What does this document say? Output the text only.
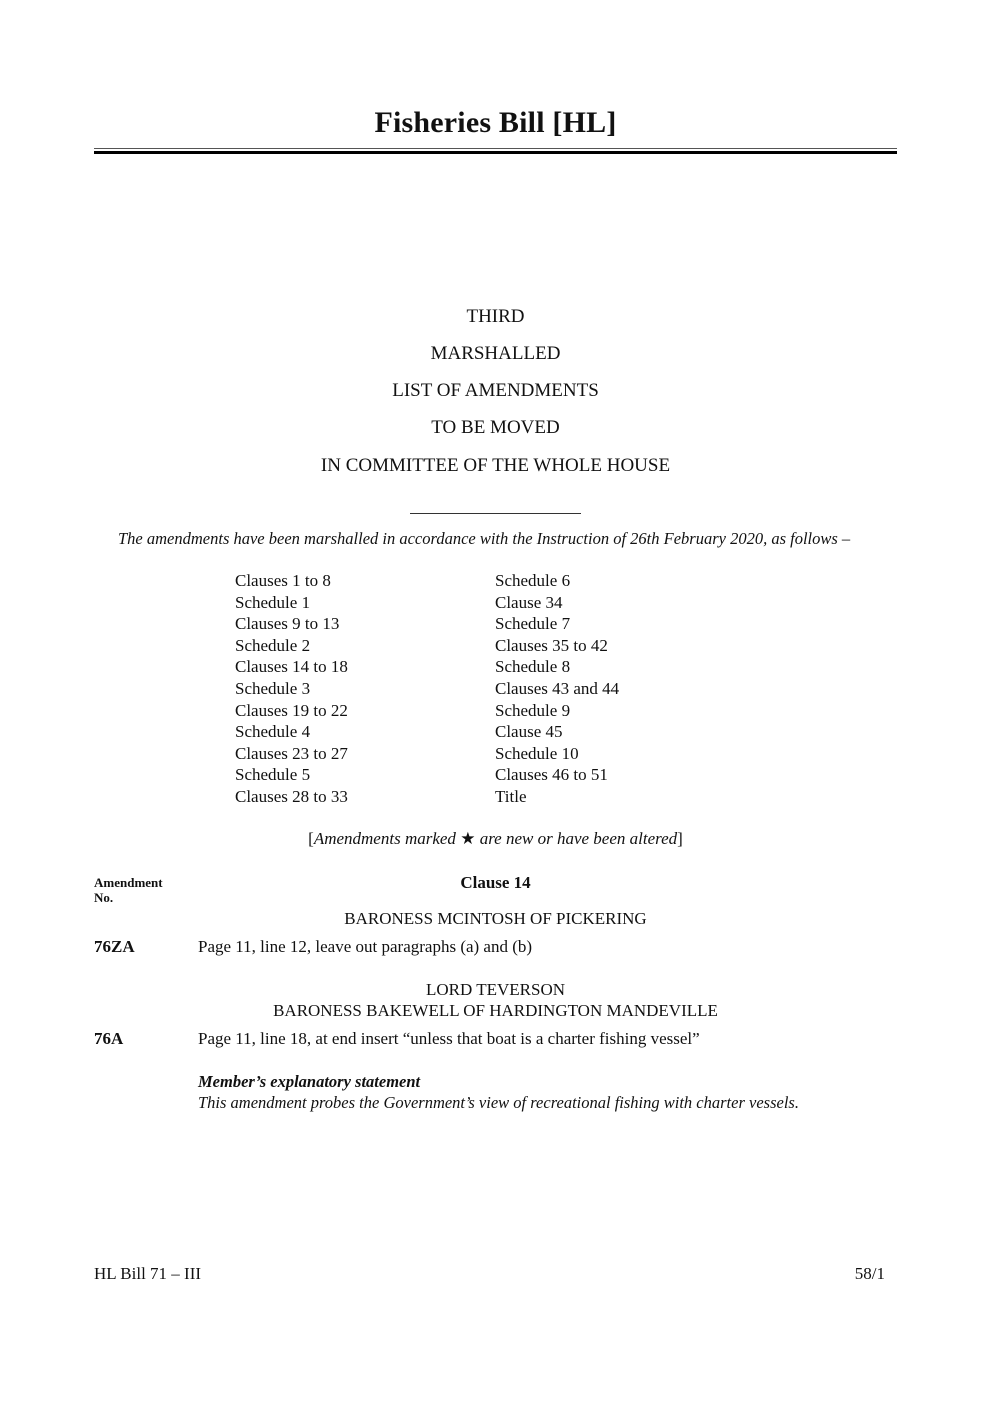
Fisheries Bill [HL]
THIRD
MARSHALLED
LIST OF AMENDMENTS
TO BE MOVED
IN COMMITTEE OF THE WHOLE HOUSE
The amendments have been marshalled in accordance with the Instruction of 26th February 2020, as follows –
Clauses 1 to 8
Schedule 1
Clauses 9 to 13
Schedule 2
Clauses 14 to 18
Schedule 3
Clauses 19 to 22
Schedule 4
Clauses 23 to 27
Schedule 5
Clauses 28 to 33
Schedule 6
Clause 34
Schedule 7
Clauses 35 to 42
Schedule 8
Clauses 43 and 44
Schedule 9
Clause 45
Schedule 10
Clauses 46 to 51
Title
[Amendments marked ★ are new or have been altered]
Amendment
No.
Clause 14
BARONESS MCINTOSH OF PICKERING
76ZA	Page 11, line 12, leave out paragraphs (a) and (b)
LORD TEVERSON
BARONESS BAKEWELL OF HARDINGTON MANDEVILLE
76A	Page 11, line 18, at end insert “unless that boat is a charter fishing vessel”
Member’s explanatory statement
This amendment probes the Government’s view of recreational fishing with charter vessels.
HL Bill 71 – III	58/1
